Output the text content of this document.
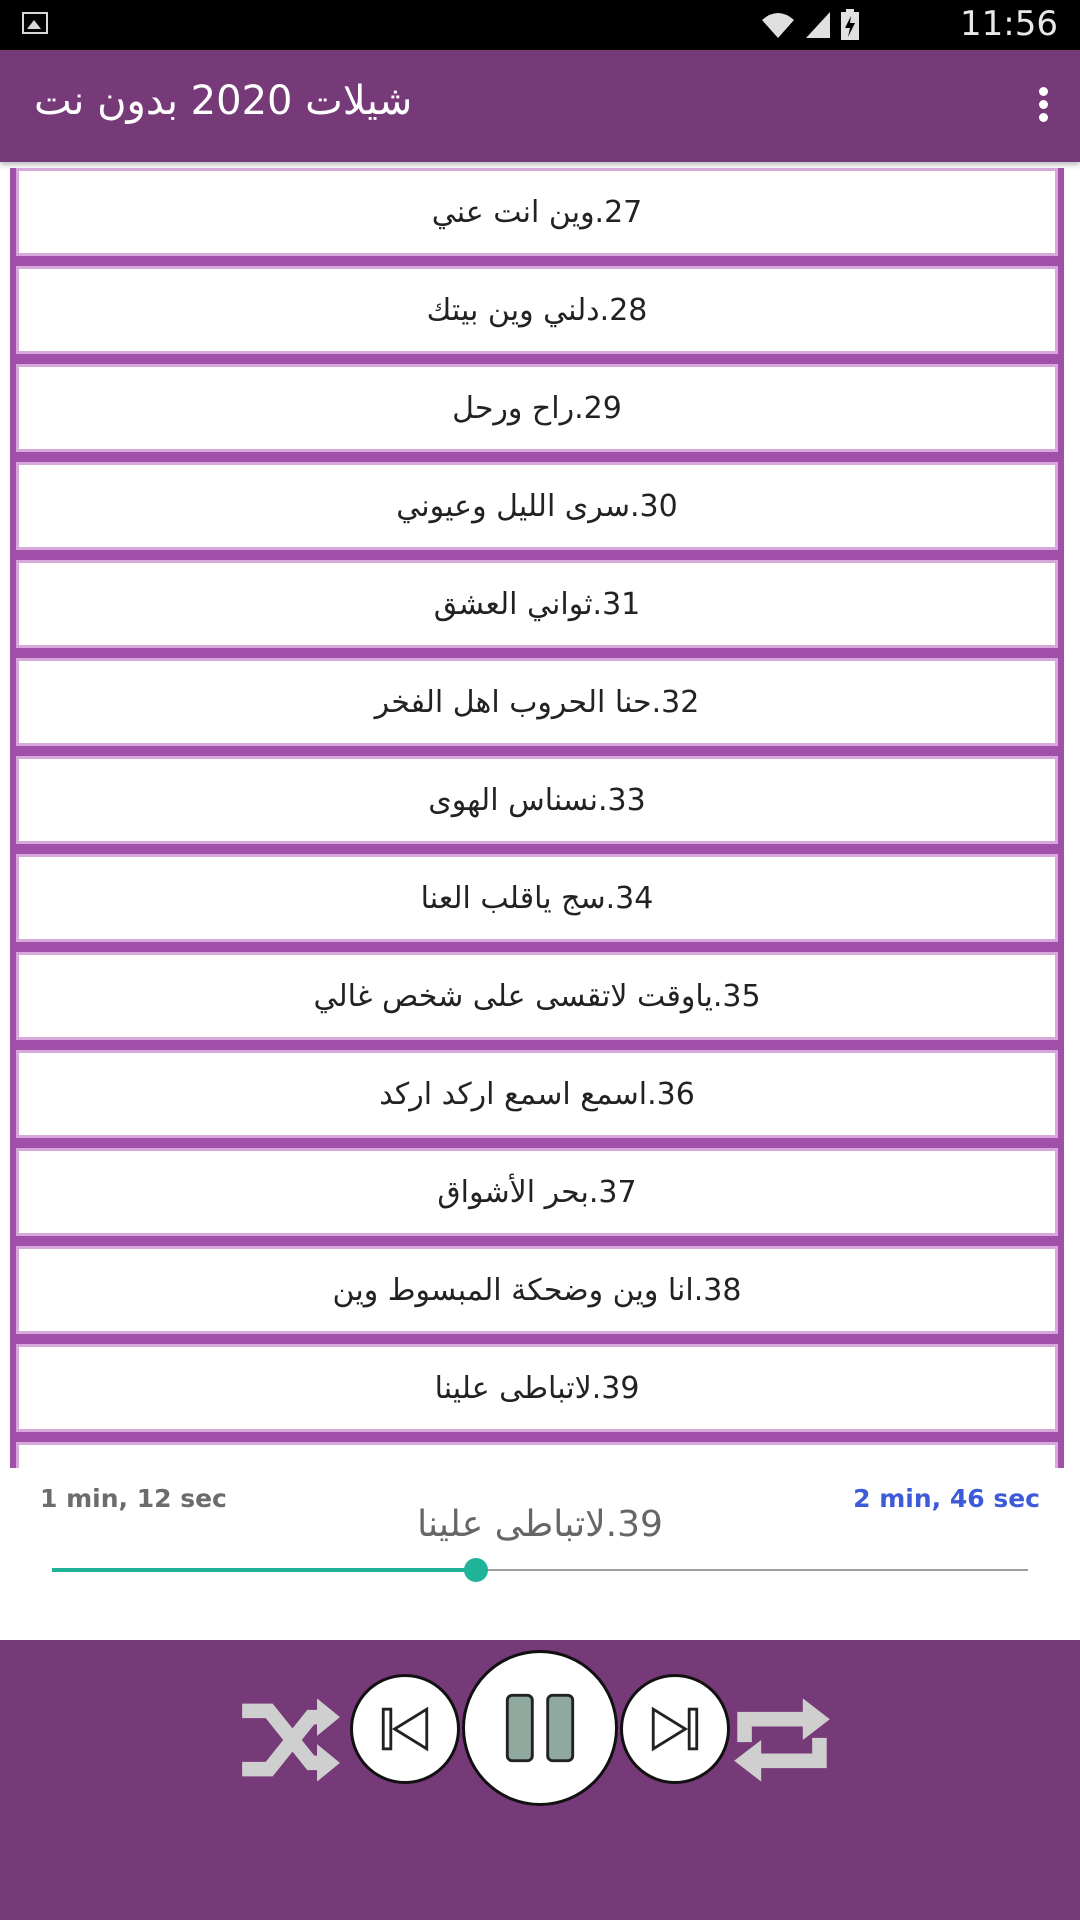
11:56
شيلات 2020 بدون نت
27.وين انت عني
28.دلني وين بيتك
29.راح ورحل
30.سرى الليل وعيوني
31.ثواني العشق
32.حنا الحروب اهل الفخر
33.نسناس الهوى
34.سج ياقلب العنا
35.ياوقت لاتقسى على شخص غالي
36.اسمع اسمع اركد اركد
37.بحر الأشواق
38.انا وين وضحكة المبسوط وين
39.لاتباطى علينا
1 min, 12 sec	2 min, 46 sec
39.لاتباطى علينا
